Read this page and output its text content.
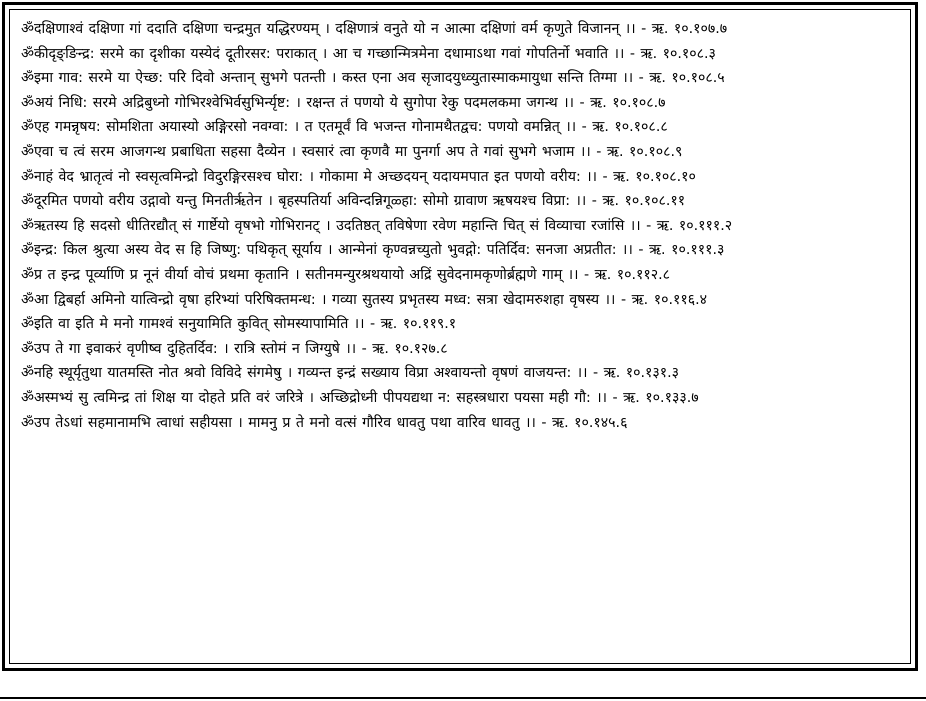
ॐदक्षिणाश्वं दक्षिणा गां ददाति दक्षिणा चन्द्रमुत यद्धिरण्यम् । दक्षिणात्रं वनुते यो न आत्मा दक्षिणां वर्म कृणुते विजानन् ।। - ऋ. १०.१०७.७
ॐकीदृङ्ङिन्द्र: सरमे का दृशीका यस्येदं दूतीरसर: पराकात् । आ च गच्छान्मित्रमेना दधामाऽथा गवां गोपतिर्नो भवाति ।। - ऋ. १०.१०८.३
ॐइमा गाव: सरमे या ऐच्छ: परि दिवो अन्तान् सुभगे पतन्ती । कस्त एना अव सृजादयुध्व्युतास्माकमायुधा सन्ति तिग्मा ।। - ऋ. १०.१०८.५
ॐअयं निधि: सरमे अद्रिबुध्नो गोभिरश्वेभिर्वसुभिर्न्यृष्ट: । रक्षन्त तं पणयो ये सुगोपा रेकु पदमलकमा जगन्थ ।। - ऋ. १०.१०८.७
ॐएह गमन्नृषय: सोमशिता अयास्यो अङ्गिरसो नवग्वा: । त एतमूर्वं वि भजन्त गोनामथैतद्वच: पणयो वमन्नित् ।। - ऋ. १०.१०८.८
ॐएवा च त्वं सरम आजगन्थ प्रबाधिता सहसा दैव्येन । स्वसारं त्वा कृणवै मा पुनर्गा अप ते गवां सुभगे भजाम ।। - ऋ. १०.१०८.९
ॐनाहं वेद भ्रातृत्वं नो स्वसृत्वमिन्द्रो विदुरङ्गिरसश्च घोरा: । गोकामा मे अच्छदयन् यदायमपात इत पणयो वरीय: ।। - ऋ. १०.१०८.१०
ॐदूरमित पणयो वरीय उद्गावो यन्तु मिनतीरृतेन । बृहस्पतिर्या अविन्दन्निगूळ्हा: सोमो ग्रावाण ऋषयश्च विप्रा: ।। - ऋ. १०.१०८.११
ॐऋतस्य हि सदसो धीतिरद्यौत् सं गार्ष्टेयो वृषभो गोभिरानट् । उदतिष्ठत् तविषेणा रवेण महान्ति चित् सं विव्याचा रजांसि ।। - ऋ. १०.१११.२
ॐइन्द्र: किल श्रुत्या अस्य वेद स हि जिष्णु: पथिकृत् सूर्याय । आन्मेनां कृण्वन्नच्युतो भुवद्गो: पतिर्दिव: सनजा अप्रतीत: ।। - ऋ. १०.१११.३
ॐप्र त इन्द्र पूर्व्याणि प्र नूनं वीर्या वोचं प्रथमा कृतानि । सतीनमन्युरश्रथयायो अद्रिं सुवेदनामकृणोर्ब्रह्मणे गाम् ।। - ऋ. १०.११२.८
ॐआ द्विबर्हा अमिनो यात्विन्द्रो वृषा हरिभ्यां परिषिक्तमन्ध: । गव्या सुतस्य प्रभृतस्य मध्व: सत्रा खेदामरुशहा वृषस्य ।। - ऋ. १०.११६.४
ॐइति वा इति मे मनो गामश्वं सनुयामिति कुवित् सोमस्यापामिति ।। - ऋ. १०.११९.१
ॐउप ते गा इवाकरं वृणीष्व दुहितर्दिव: । रात्रि स्तोमं न जिग्युषे ।। - ऋ. १०.१२७.८
ॐनहि स्थूर्यृतुथा यातमस्ति नोत श्रवो विविदे संगमेषु । गव्यन्त इन्द्रं सख्याय विप्रा अश्वायन्तो वृषणं वाजयन्त: ।। - ऋ. १०.१३१.३
ॐअस्मभ्यं सु त्वमिन्द्र तां शिक्ष या दोहते प्रति वरं जरित्रे । अच्छिद्रोध्नी पीपयद्यथा न: सहस्त्रधारा पयसा मही गौ: ।। - ऋ. १०.१३३.७
ॐउप तेऽधां सहमानामभि त्वाधां सहीयसा । मामनु प्र ते मनो वत्सं गौरिव धावतु पथा वारिव धावतु ।। - ऋ. १०.१४५.६
